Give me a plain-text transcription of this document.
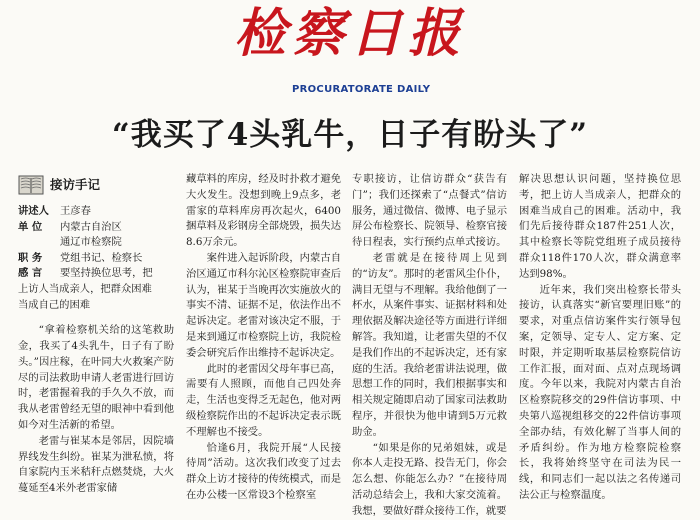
检察日报
PROCURATORATE DAILY
“我买了4头乳牛，日子有盼头了”
接访手记
讲述人	王彦春
单 位	内蒙古自治区
通辽市检察院
职 务	党组书记、检察长
感 言	要坚持换位思考，把
上访人当成亲人，把群众困难
当成自己的困难

“拿着检察机关给的这笔救助金，我买了4头乳牛，日子有了盼头。”因庄稼，在叶同大火救案产防尽的司法救助申请人老雷进行回访时，老雷握着我的手久久不放，而我从老雷曾经无望的眼神中看到他如今对生活新的希望。

老雷与崔某本是邻居，因院墙界线发生纠纷。崔某为泄私愤，将自家院内玉米秸秆点燃焚烧，大火蔓延至4米外老雷家储

藏草料的库房，经及时扑救才避免大火发生。没想到晚上9点多，老雷家的草料库房再次起火，6400捆草料及彩钢房全部烧毁，损失达8.6万余元。

案件进入起诉阶段，内蒙古自治区通辽市科尔沁区检察院审查后认为，崔某于当晚再次实施放火的事实不清、证据不足，依法作出不起诉决定。老雷对该决定不服，于是来到通辽市检察院上访，我院检委会研究后作出维持不起诉决定。

此时的老雷因父母年事已高，需要有人照顾，而他自己四处奔走，生活也变得乏无起色，他对两级检察院作出的不起诉决定表示既不理解也不接受。

恰逢6月，我院开展“人民接待周”活动。这次我们改变了过去群众上访才接待的传统模式，而是在办公楼一区常设3个检察室

专职接访，让信访群众“获告有门”；我们还探索了“点餐式”信访服务，通过微信、微博、电子显示屏公布检察长、院领导、检察官接待日程表，实行预约点单式接访。

老雷就是在接待周上见到的“访友”。那时的老雷风尘仆仆，满目无望与不理解。我给他倒了一杯水，从案件事实、证据材料和处理依据及解决途径等方面进行详细解答。我知道，让老雷失望的不仅是我们作出的不起诉决定，还有家庭的生活。我给老雷讲法说理，做思想工作的同时，我们根据事实和相关规定随即启动了国家司法救助程序，并很快为他申请到5万元救助金。

“如果是你的兄弟姐妹，或是你本人走投无路、投告无门，你会怎么想、你能怎么办？”在接待周活动总结会上，我和大家交流着。我想，要做好群众接待工作，就要

解决思想认识问题，坚持换位思考，把上访人当成亲人，把群众的困难当成自己的困难。活动中，我们先后接待群众187件251人次，其中检察长等院党组班子成员接待群众118件170人次，群众满意率达到98%。

近年来，我们突出检察长带头接访，认真落实“新官要理旧账”的要求，对重点信访案件实行领导包案，定领导、定专人、定方案、定时限，并定期听取基层检察院信访工作汇报，面对面、点对点现场调度。今年以来，我院对内蒙古自治区检察院移交的29件信访事项、中央第八巡视组移交的22件信访事项全部办结，有效化解了当事人间的矛盾纠纷。作为地方检察院检察长，我将始终坚守在司法为民一线，和同志们一起以法之名传递司法公正与检察温度。
